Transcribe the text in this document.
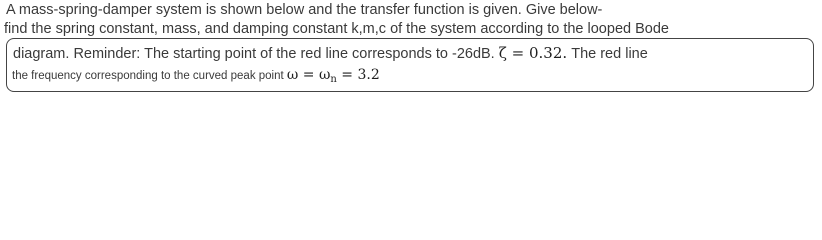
A mass-spring-damper system is shown below and the transfer function is given. Give below-
find the spring constant, mass, and damping constant k,m,c of the system according to the looped Bode
diagram. Reminder: The starting point of the red line corresponds to -26dB. ζ = 0.32. The red line
the frequency corresponding to the curved peak point ω = ωn = 3.2
